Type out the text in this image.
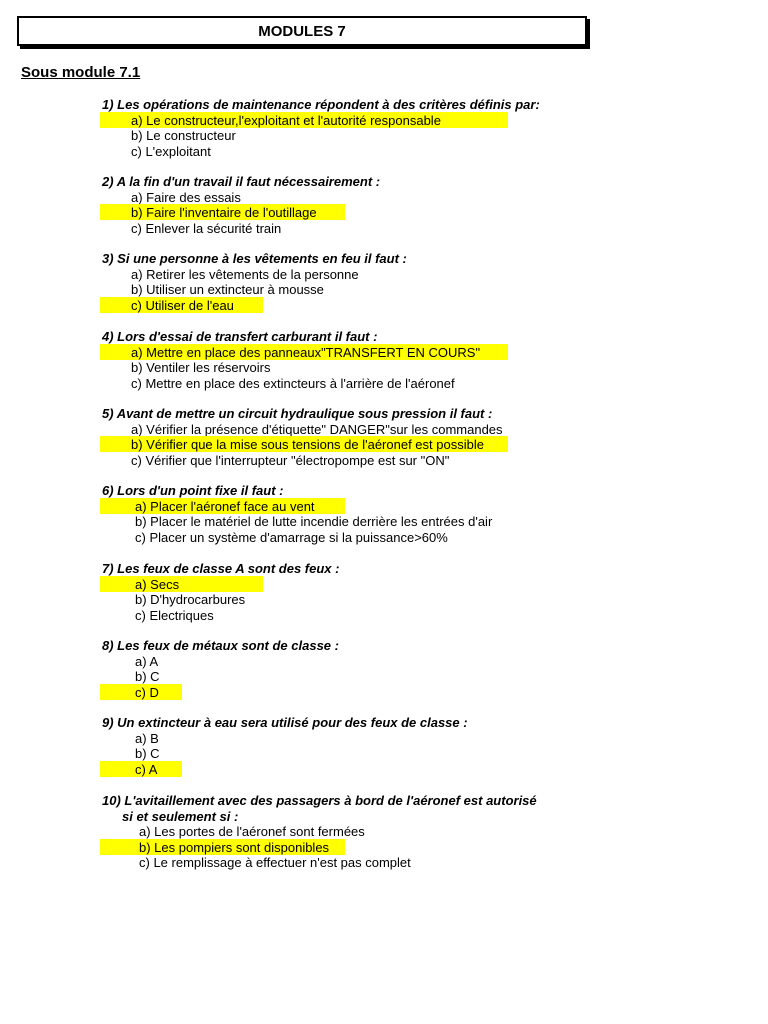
MODULES 7
Sous module 7.1
1) Les opérations de maintenance répondent à des critères définis par:
a) Le constructeur,l'exploitant et l'autorité responsable
b) Le constructeur
c) L'exploitant
2) A la fin d'un travail il faut nécessairement :
a) Faire des essais
b) Faire l'inventaire de l'outillage
c) Enlever la sécurité train
3) Si une personne à les vêtements en feu il faut :
a) Retirer les vêtements de la personne
b) Utiliser un extincteur à mousse
c) Utiliser de l'eau
4) Lors d'essai de transfert carburant il faut :
a) Mettre en place des panneaux"TRANSFERT EN COURS"
b) Ventiler les réservoirs
c) Mettre en place des extincteurs à l'arrière de l'aéronef
5) Avant de mettre un circuit hydraulique sous pression il faut :
a) Vérifier la présence d'étiquette" DANGER"sur les commandes
b) Vérifier que la mise sous tensions de l'aéronef est possible
c) Vérifier que l'interrupteur "électropompe est sur "ON"
6) Lors d'un point fixe il faut :
a) Placer l'aéronef face au vent
b) Placer le matériel de lutte incendie derrière les entrées d'air
c) Placer un système d'amarrage si la puissance>60%
7) Les feux de classe A sont des feux :
a) Secs
b) D'hydrocarbures
c) Electriques
8) Les feux de métaux sont de classe :
a) A
b) C
c) D
9) Un extincteur à eau sera utilisé pour des feux de classe :
a) B
b) C
c) A
10) L'avitaillement avec des passagers à bord de l'aéronef est autorisé
si et seulement si :
a) Les portes de l'aéronef sont fermées
b) Les pompiers sont disponibles
c) Le remplissage à effectuer n'est pas complet
